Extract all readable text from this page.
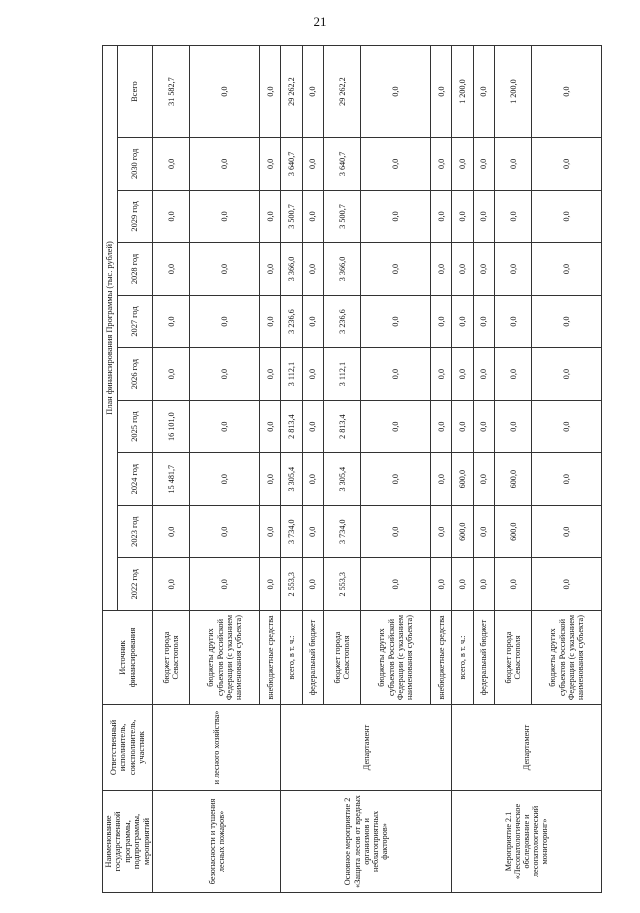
21
Наименование государственной программы, подпрограммы, мероприятий	Ответственный исполнитель, соисполнитель, участник	Источник финансирования	План финансирования Программы (тыс. рублей)									
			2022 год	2023 год	2024 год	2025 год	2026 год	2027 год	2028 год	2029 год	2030 год	Всего
безопасности и тушения лесных пожаров»	и лесного хозяйства»	бюджет города Севастополя	0,0	0,0	15 481,7	16 101,0	0,0	0,0	0,0	0,0	0,0	31 582,7
		бюджеты других субъектов Российской Федерации (с указанием наименования субъекта)	0,0	0,0	0,0	0,0	0,0	0,0	0,0	0,0	0,0	0,0
		внебюджетные средства	0,0	0,0	0,0	0,0	0,0	0,0	0,0	0,0	0,0	0,0
Основное мероприятие 2 «Защита лесов от вредных организмов и неблагоприятных факторов»	Департамент	всего, в т. ч.:	2 553,3	3 734,0	3 305,4	2 813,4	3 112,1	3 236,6	3 366,0	3 500,7	3 640,7	29 262,2
		федеральный бюджет	0,0	0,0	0,0	0,0	0,0	0,0	0,0	0,0	0,0	0,0
		бюджет города Севастополя	2 553,3	3 734,0	3 305,4	2 813,4	3 112,1	3 236,6	3 366,0	3 500,7	3 640,7	29 262,2
		бюджеты других субъектов Российской Федерации (с указанием наименования субъекта)	0,0	0,0	0,0	0,0	0,0	0,0	0,0	0,0	0,0	0,0
		внебюджетные средства	0,0	0,0	0,0	0,0	0,0	0,0	0,0	0,0	0,0	0,0
Мероприятие 2.1 «Лесопатологическое обследование и лесопатологический мониторинг»	Департамент	всего, в т. ч.:	0,0	600,0	600,0	0,0	0,0	0,0	0,0	0,0	0,0	1 200,0
		федеральный бюджет	0,0	0,0	0,0	0,0	0,0	0,0	0,0	0,0	0,0	0,0
		бюджет города Севастополя	0,0	600,0	600,0	0,0	0,0	0,0	0,0	0,0	0,0	1 200,0
		бюджеты других субъектов Российской Федерации (с указанием наименования субъекта)	0,0	0,0	0,0	0,0	0,0	0,0	0,0	0,0	0,0	0,0
